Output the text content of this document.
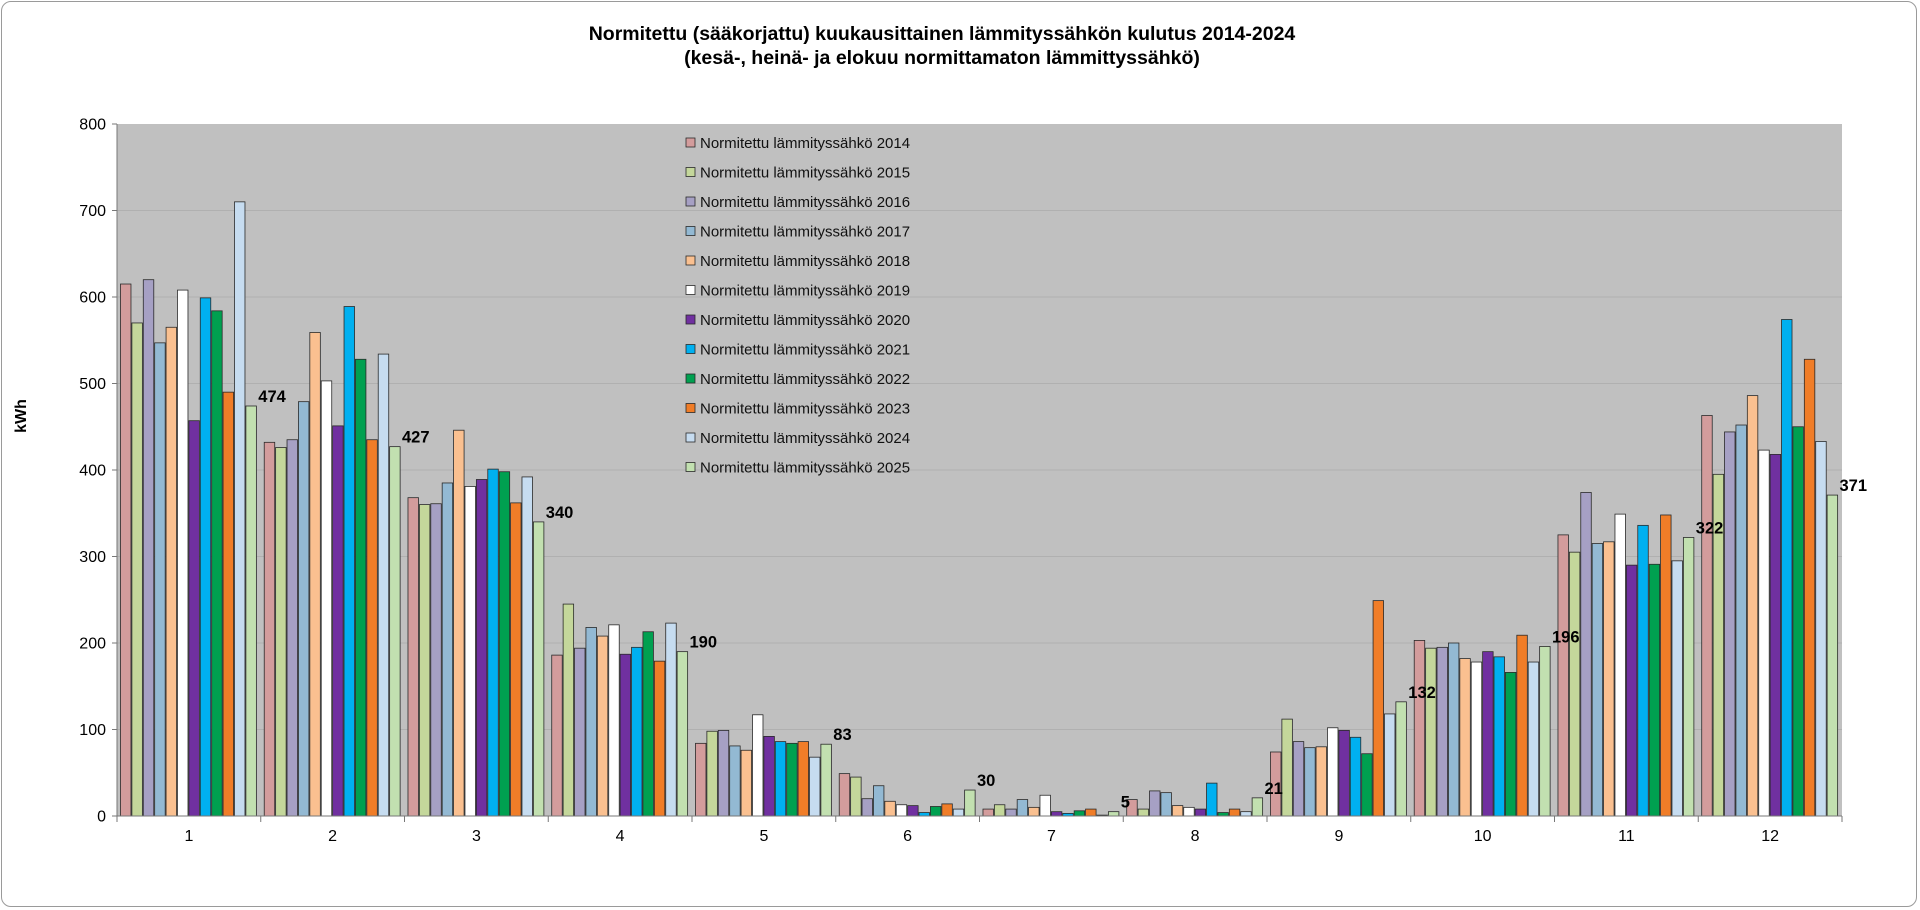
Normitettu (sääkorjattu) kuukausittainen lämmityssähkön kulutus 2014-2024
(kesä-, heinä- ja elokuu normittamaton lämmittyssähkö)
kWh
0
100
200
300
400
500
600
700
800
1	2	3	4	5	6	7	8	9	10	11	12
474
427
340
190
83
30
5
21
132
196
322
371
Normitettu lämmityssähkö 2014
Normitettu lämmityssähkö 2015
Normitettu lämmityssähkö 2016
Normitettu lämmityssähkö 2017
Normitettu lämmityssähkö 2018
Normitettu lämmityssähkö 2019
Normitettu lämmityssähkö 2020
Normitettu lämmityssähkö 2021
Normitettu lämmityssähkö 2022
Normitettu lämmityssähkö 2023
Normitettu lämmityssähkö 2024
Normitettu lämmityssähkö 2025
